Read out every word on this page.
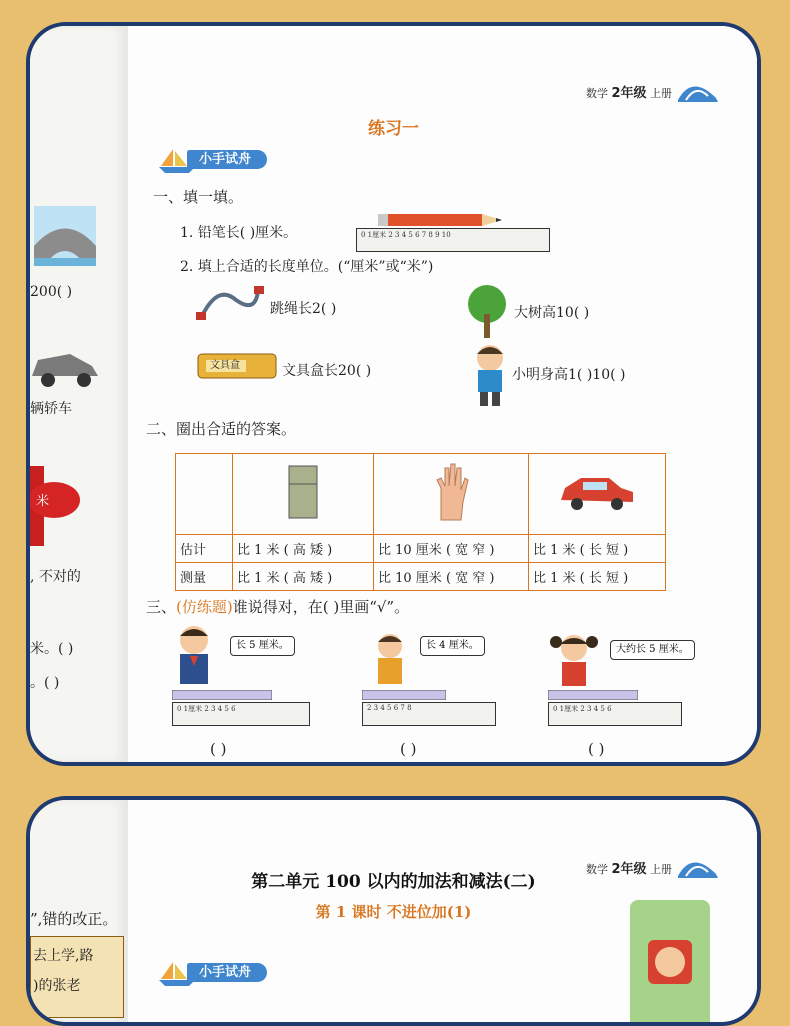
200( )
辆轿车
米
, 不对的
米。( )
。( )
数学 2年级 上册
练习一
小手试舟
一、填一填。
1. 铅笔长( )厘米。	0 1厘米 2 3 4 5 6 7 8 9 10
2. 填上合适的长度单位。(“厘米”或“米”)
跳绳长2( )	大树高10( )
文具盒	文具盒长20( )	小明身高1( )10( )
二、圈出合适的答案。

估计	比 1 米 ( 高 矮 )	比 10 厘米 ( 宽 窄 )	比 1 米 ( 长 短 )
测量	比 1 米 ( 高 矮 )	比 10 厘米 ( 宽 窄 )	比 1 米 ( 长 短 )
三、(仿练题)谁说得对，在( )里画“√”。
长 5 厘米。	长 4 厘米。	大约长 5 厘米。
0 1厘米 2 3 4 5 6	2 3 4 5 6 7 8	0 1厘米 2 3 4 5 6
( )	( )	( )
”,错的改正。
去上学,路
)的张老
数学 2年级 上册
第二单元 100 以内的加法和减法(二)
第 1 课时 不进位加(1)
小手试舟
